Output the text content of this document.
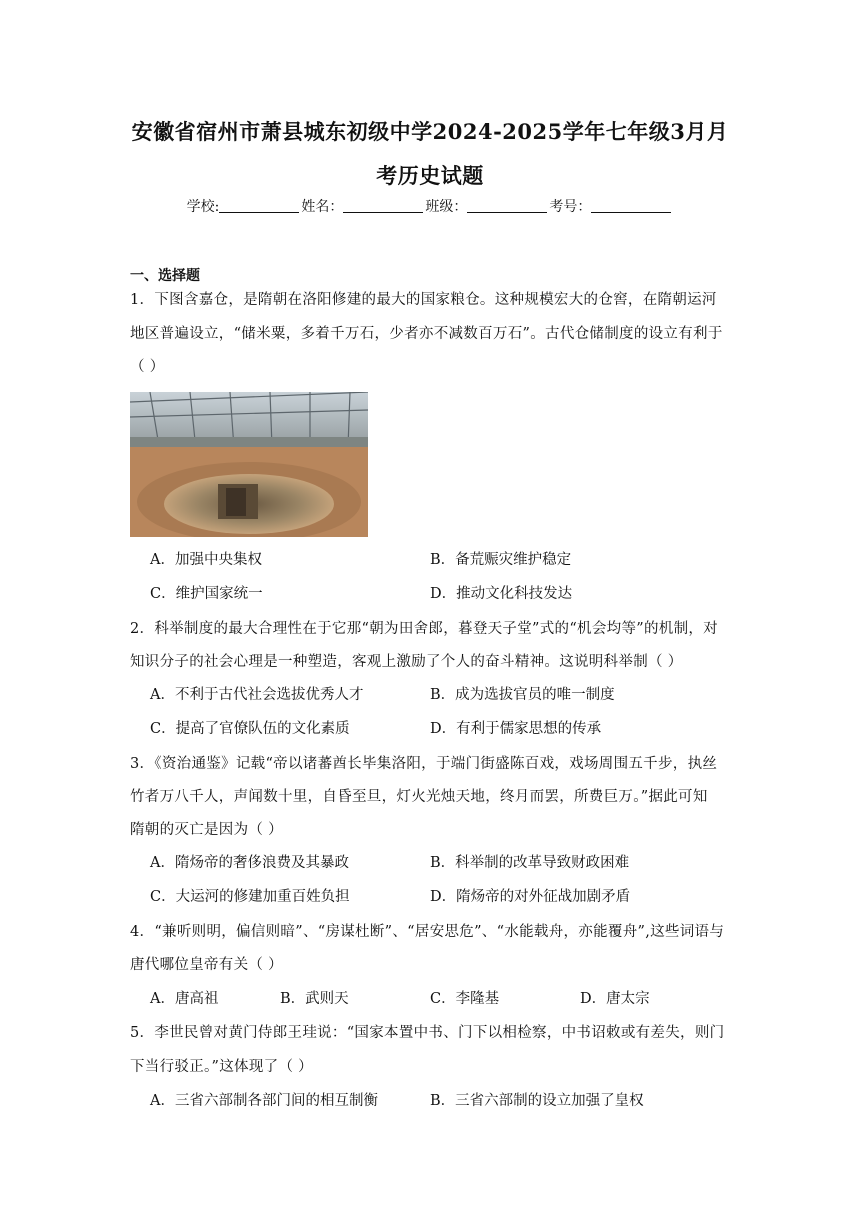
安徽省宿州市萧县城东初级中学2024-2025学年七年级3月月
考历史试题
学校:	姓名：	班级：	考号：
一、选择题
1．下图含嘉仓，是隋朝在洛阳修建的最大的国家粮仓。这种规模宏大的仓窖，在隋朝运河
地区普遍设立，“储米粟，多着千万石，少者亦不减数百万石”。古代仓储制度的设立有利于
（ ）
A．加强中央集权	B．备荒赈灾维护稳定
C．维护国家统一	D．推动文化科技发达
2．科举制度的最大合理性在于它那“朝为田舍郎，暮登天子堂”式的“机会均等”的机制，对
知识分子的社会心理是一种塑造，客观上激励了个人的奋斗精神。这说明科举制（ ）
A．不利于古代社会选拔优秀人才	B．成为选拔官员的唯一制度
C．提高了官僚队伍的文化素质	D．有利于儒家思想的传承
3．《资治通鉴》记载“帝以诸蕃酋长毕集洛阳，于端门街盛陈百戏，戏场周围五千步，执丝
竹者万八千人，声闻数十里，自昏至旦，灯火光烛天地，终月而罢，所费巨万。”据此可知
隋朝的灭亡是因为（ ）
A．隋炀帝的奢侈浪费及其暴政	B．科举制的改革导致财政困难
C．大运河的修建加重百姓负担	D．隋炀帝的对外征战加剧矛盾
4．“兼听则明，偏信则暗”、“房谋杜断”、“居安思危”、“水能载舟，亦能覆舟”,这些词语与
唐代哪位皇帝有关（ ）
A．唐高祖	B．武则天	C．李隆基	D．唐太宗
5．李世民曾对黄门侍郎王珪说：“国家本置中书、门下以相检察，中书诏敕或有差失，则门
下当行驳正。”这体现了（ ）
A．三省六部制各部门间的相互制衡	B．三省六部制的设立加强了皇权
